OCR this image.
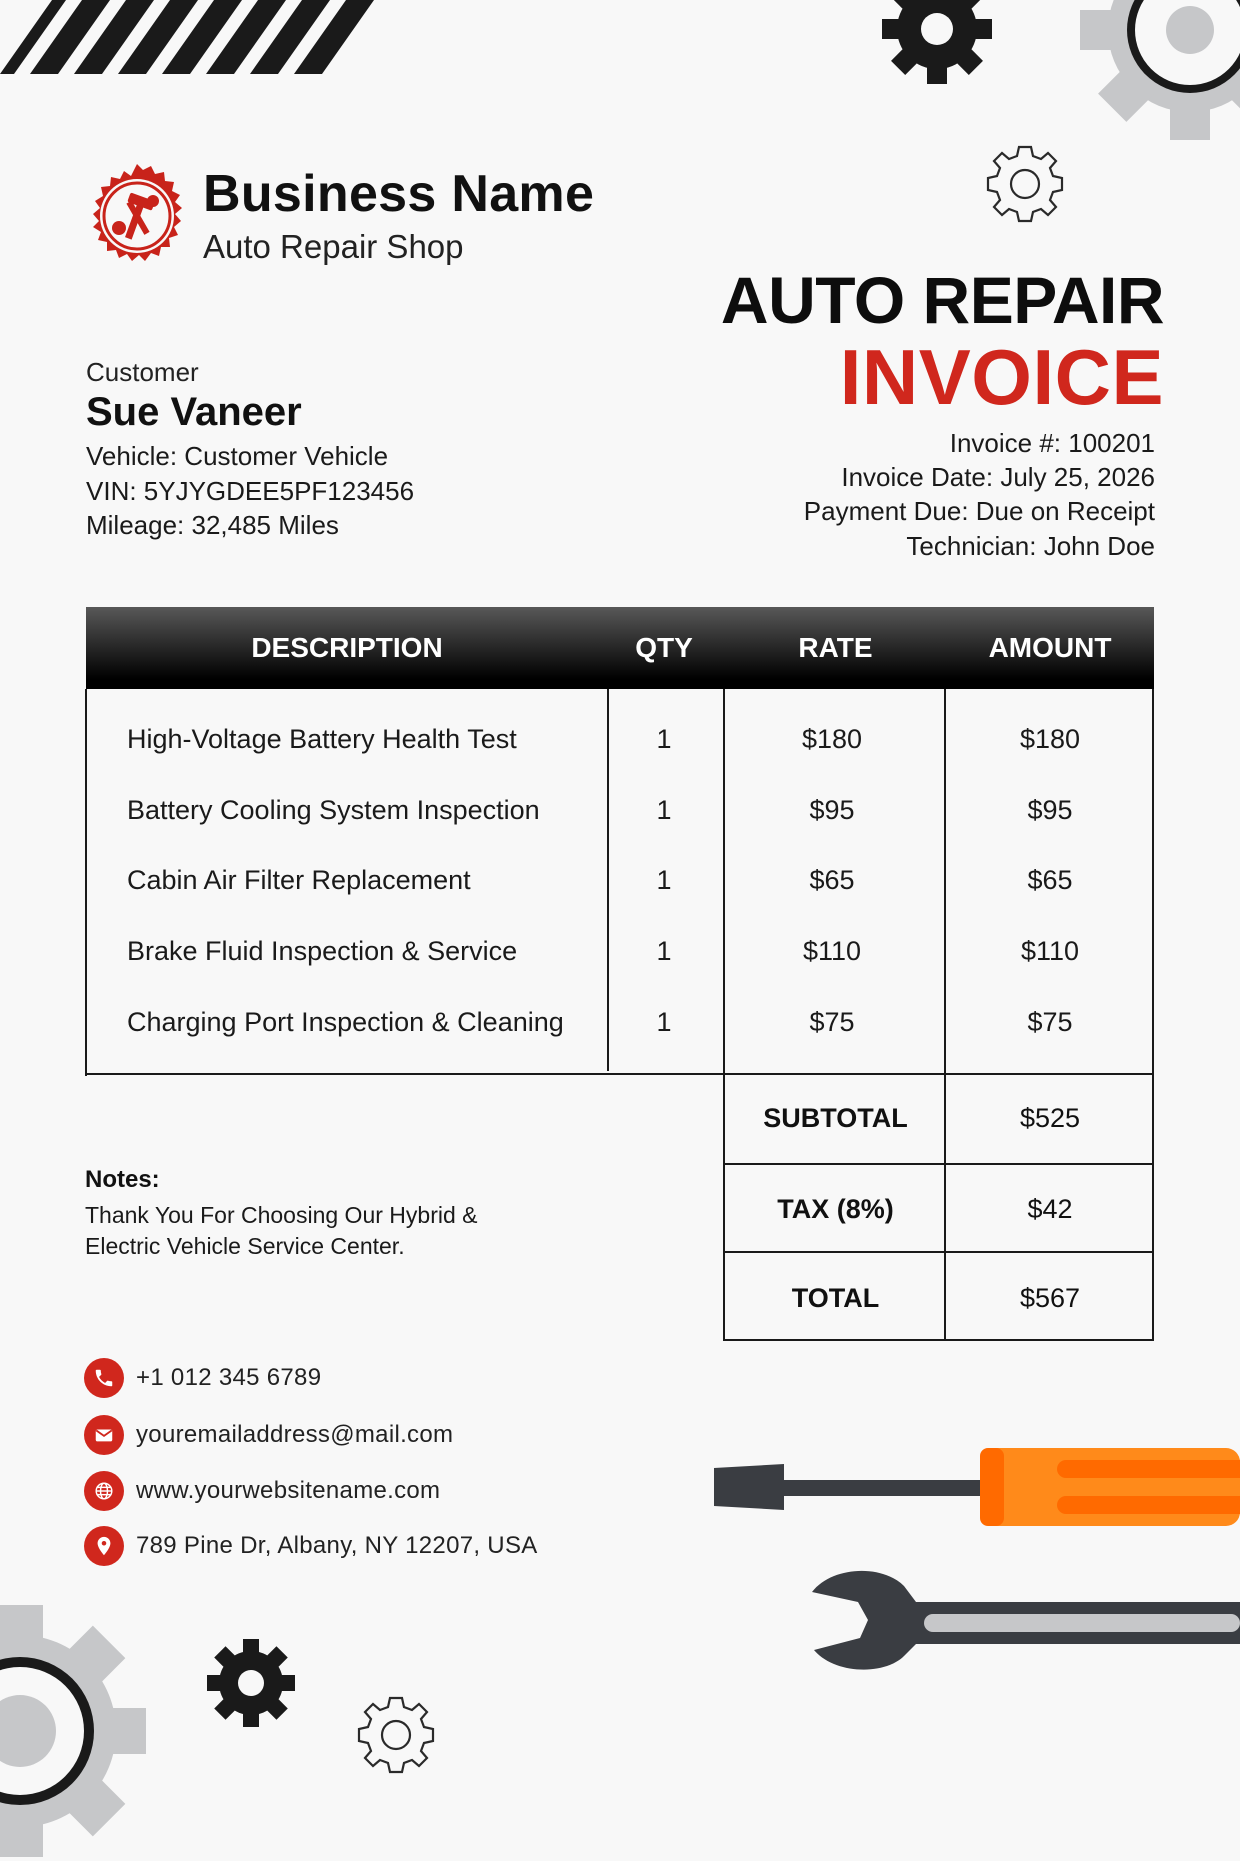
Business Name
Auto Repair Shop
AUTO REPAIR
INVOICE
Invoice #: 100201
Invoice Date: July 25, 2026
Payment Due: Due on Receipt
Technician: John Doe
Customer
Sue Vaneer
Vehicle: Customer Vehicle
VIN: 5YJYGDEE5PF123456
Mileage: 32,485 Miles
DESCRIPTION	QTY	RATE	AMOUNT
High-Voltage Battery Health Test	1	$180	$180
Battery Cooling System Inspection	1	$95	$95
Cabin Air Filter Replacement	1	$65	$65
Brake Fluid Inspection & Service	1	$110	$110
Charging Port Inspection & Cleaning	1	$75	$75
SUBTOTAL	$525
TAX (8%)	$42
TOTAL	$567
Notes:
Thank You For Choosing Our Hybrid & Electric Vehicle Service Center.
+1 012 345 6789
youremailaddress@mail.com
www.yourwebsitename.com
789 Pine Dr, Albany, NY 12207, USA
